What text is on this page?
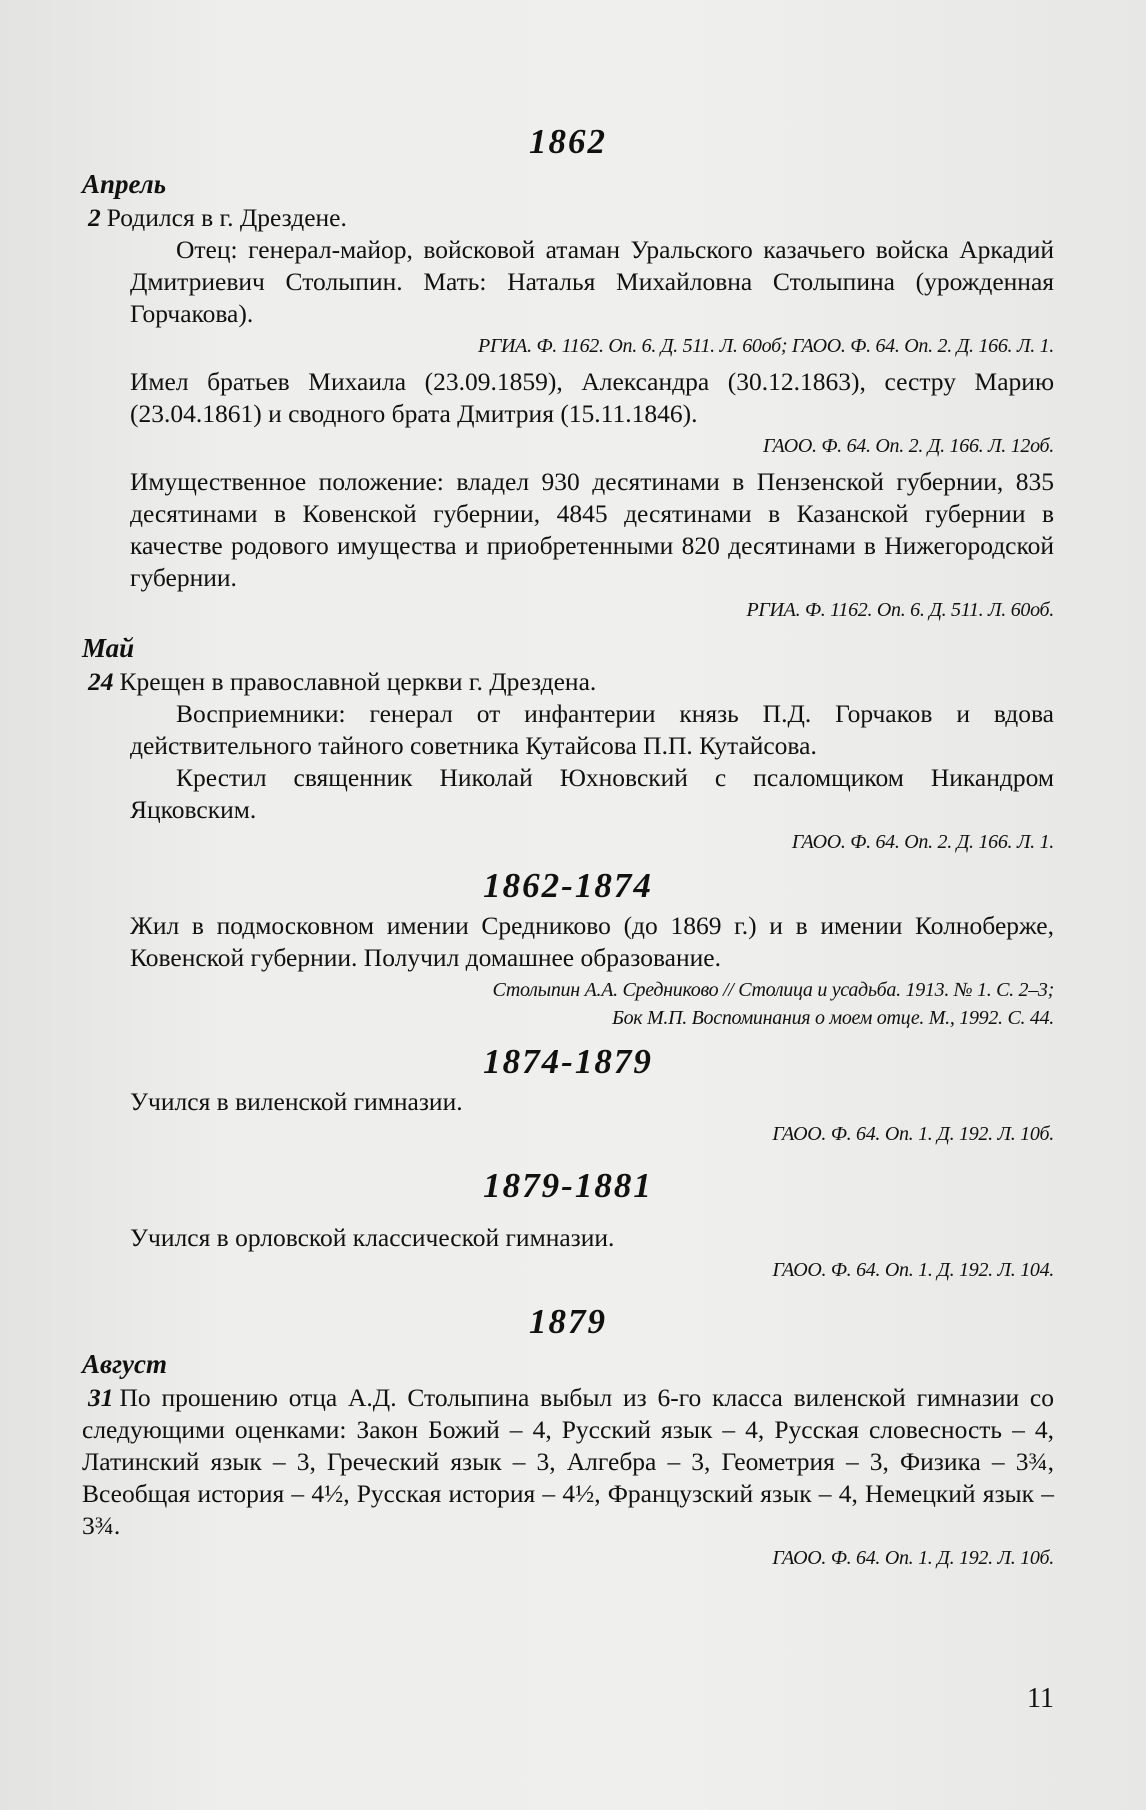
1862
Апрель

2 Родился в г. Дрездене.

Отец: генерал-майор, войсковой атаман Уральского казачьего войска Аркадий Дмитриевич Столыпин. Мать: Наталья Михайловна Столыпина (урожденная Горчакова).

РГИА. Ф. 1162. Оп. 6. Д. 511. Л. 60об; ГАОО. Ф. 64. Оп. 2. Д. 166. Л. 1.

Имел братьев Михаила (23.09.1859), Александра (30.12.1863), сестру Марию (23.04.1861) и сводного брата Дмитрия (15.11.1846).

ГАОО. Ф. 64. Оп. 2. Д. 166. Л. 12об.

Имущественное положение: владел 930 десятинами в Пензенской губернии, 835 десятинами в Ковенской губернии, 4845 десятинами в Казанской губернии в качестве родового имущества и приобретенными 820 десятинами в Нижегородской губернии.

РГИА. Ф. 1162. Оп. 6. Д. 511. Л. 60об.

Май

24 Крещен в православной церкви г. Дрездена.

Восприемники: генерал от инфантерии князь П.Д. Горчаков и вдова действительного тайного советника Кутайсова П.П. Кутайсова.

Крестил священник Николай Юхновский с псаломщиком Никандром Яцковским.

ГАОО. Ф. 64. Оп. 2. Д. 166. Л. 1.

1862-1874

Жил в подмосковном имении Средниково (до 1869 г.) и в имении Колноберже, Ковенской губернии. Получил домашнее образование.

Столыпин А.А. Средниково // Столица и усадьба. 1913. № 1. С. 2–3;

Бок М.П. Воспоминания о моем отце. М., 1992. С. 44.

1874-1879

Учился в виленской гимназии.

ГАОО. Ф. 64. Оп. 1. Д. 192. Л. 10б.

1879-1881

Учился в орловской классической гимназии.

ГАОО. Ф. 64. Оп. 1. Д. 192. Л. 104.

1879
Август

31 По прошению отца А.Д. Столыпина выбыл из 6-го класса виленской гимназии со следующими оценками: Закон Божий – 4, Русский язык – 4, Русская словесность – 4, Латинский язык – 3, Греческий язык – 3, Алгебра – 3, Геометрия – 3, Физика – 3¾, Всеобщая история – 4½, Русская история – 4½, Французский язык – 4, Немецкий язык – 3¾.

ГАОО. Ф. 64. Оп. 1. Д. 192. Л. 10б.

11
